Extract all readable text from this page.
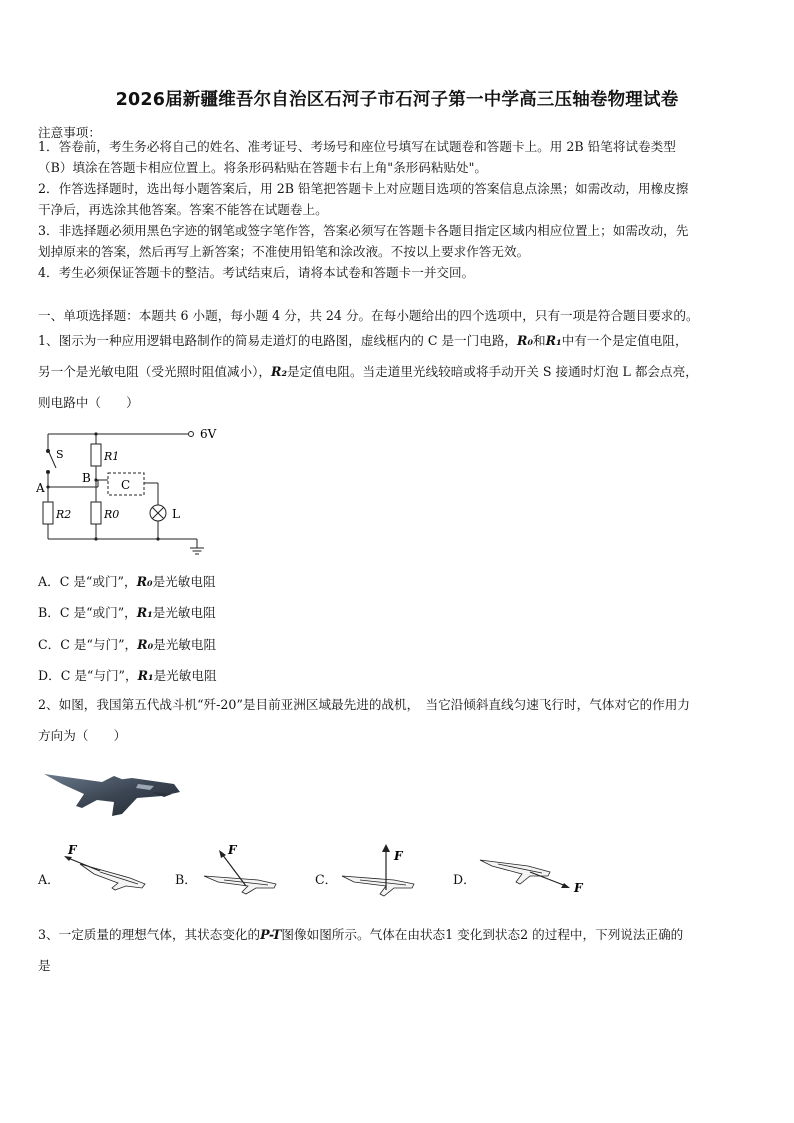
2026届新疆维吾尔自治区石河子市石河子第一中学高三压轴卷物理试卷
注意事项：
1．答卷前，考生务必将自己的姓名、准考证号、考场号和座位号填写在试题卷和答题卡上。用 2B 铅笔将试卷类型
（B）填涂在答题卡相应位置上。将条形码粘贴在答题卡右上角"条形码粘贴处"。
2．作答选择题时，选出每小题答案后，用 2B 铅笔把答题卡上对应题目选项的答案信息点涂黑；如需改动，用橡皮擦
干净后，再选涂其他答案。答案不能答在试题卷上。
3．非选择题必须用黑色字迹的钢笔或签字笔作答，答案必须写在答题卡各题目指定区域内相应位置上；如需改动，先
划掉原来的答案，然后再写上新答案；不准使用铅笔和涂改液。不按以上要求作答无效。
4．考生必须保证答题卡的整洁。考试结束后，请将本试卷和答题卡一并交回。
一、单项选择题：本题共 6 小题，每小题 4 分，共 24 分。在每小题给出的四个选项中，只有一项是符合题目要求的。
1、图示为一种应用逻辑电路制作的简易走道灯的电路图，虚线框内的 C 是一门电路，R₀和R₁中有一个是定值电阻，
另一个是光敏电阻（受光照时阻值减小），R₂是定值电阻。当走道里光线较暗或将手动开关 S 接通时灯泡 L 都会点亮，
则电路中（　　）
6V
S
A
B	C
L
R1
R2	R0
A．C 是“或门”，R₀是光敏电阻
B．C 是“或门”，R₁是光敏电阻
C．C 是“与门”，R₀是光敏电阻
D．C 是“与门”，R₁是光敏电阻
2、如图，我国第五代战斗机“歼-20”是目前亚洲区域最先进的战机，　当它沿倾斜直线匀速飞行时，气体对它的作用力
方向为（　　）
A．
F
B．
F
C．
F
D．
F
3、一定质量的理想气体，其状态变化的P-T图像如图所示。气体在由状态1 变化到状态2 的过程中，下列说法正确的
是
